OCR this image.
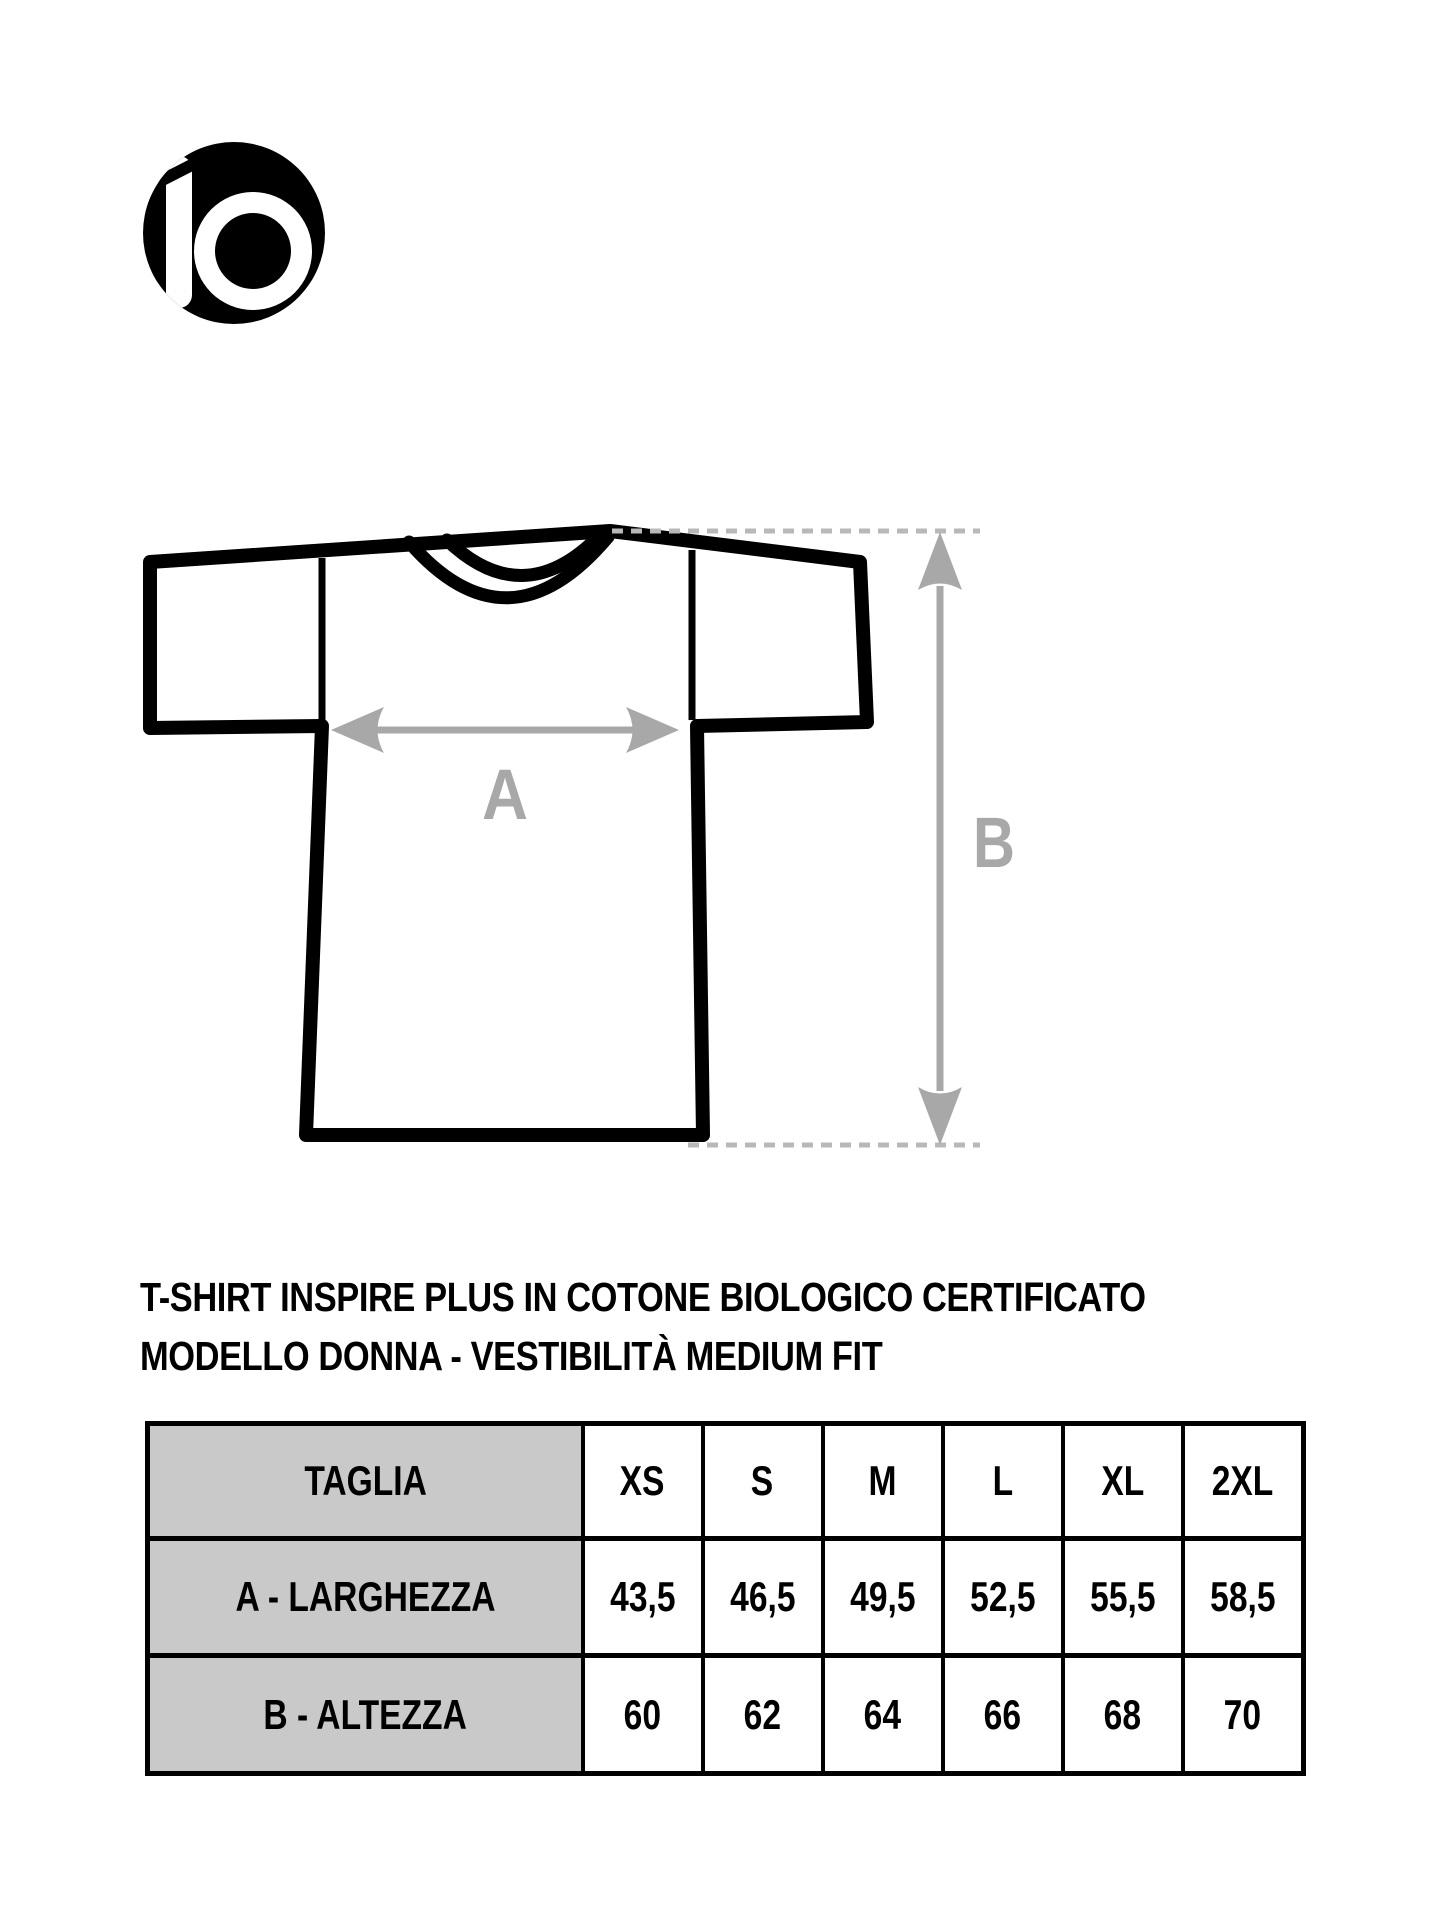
A
B
T-SHIRT INSPIRE PLUS IN COTONE BIOLOGICO CERTIFICATO
MODELLO DONNA - VESTIBILITÀ MEDIUM FIT
TAGLIA	XS	S	M	L	XL	2XL
A - LARGHEZZA	43,5	46,5	49,5	52,5	55,5	58,5
B - ALTEZZA	60	62	64	66	68	70
